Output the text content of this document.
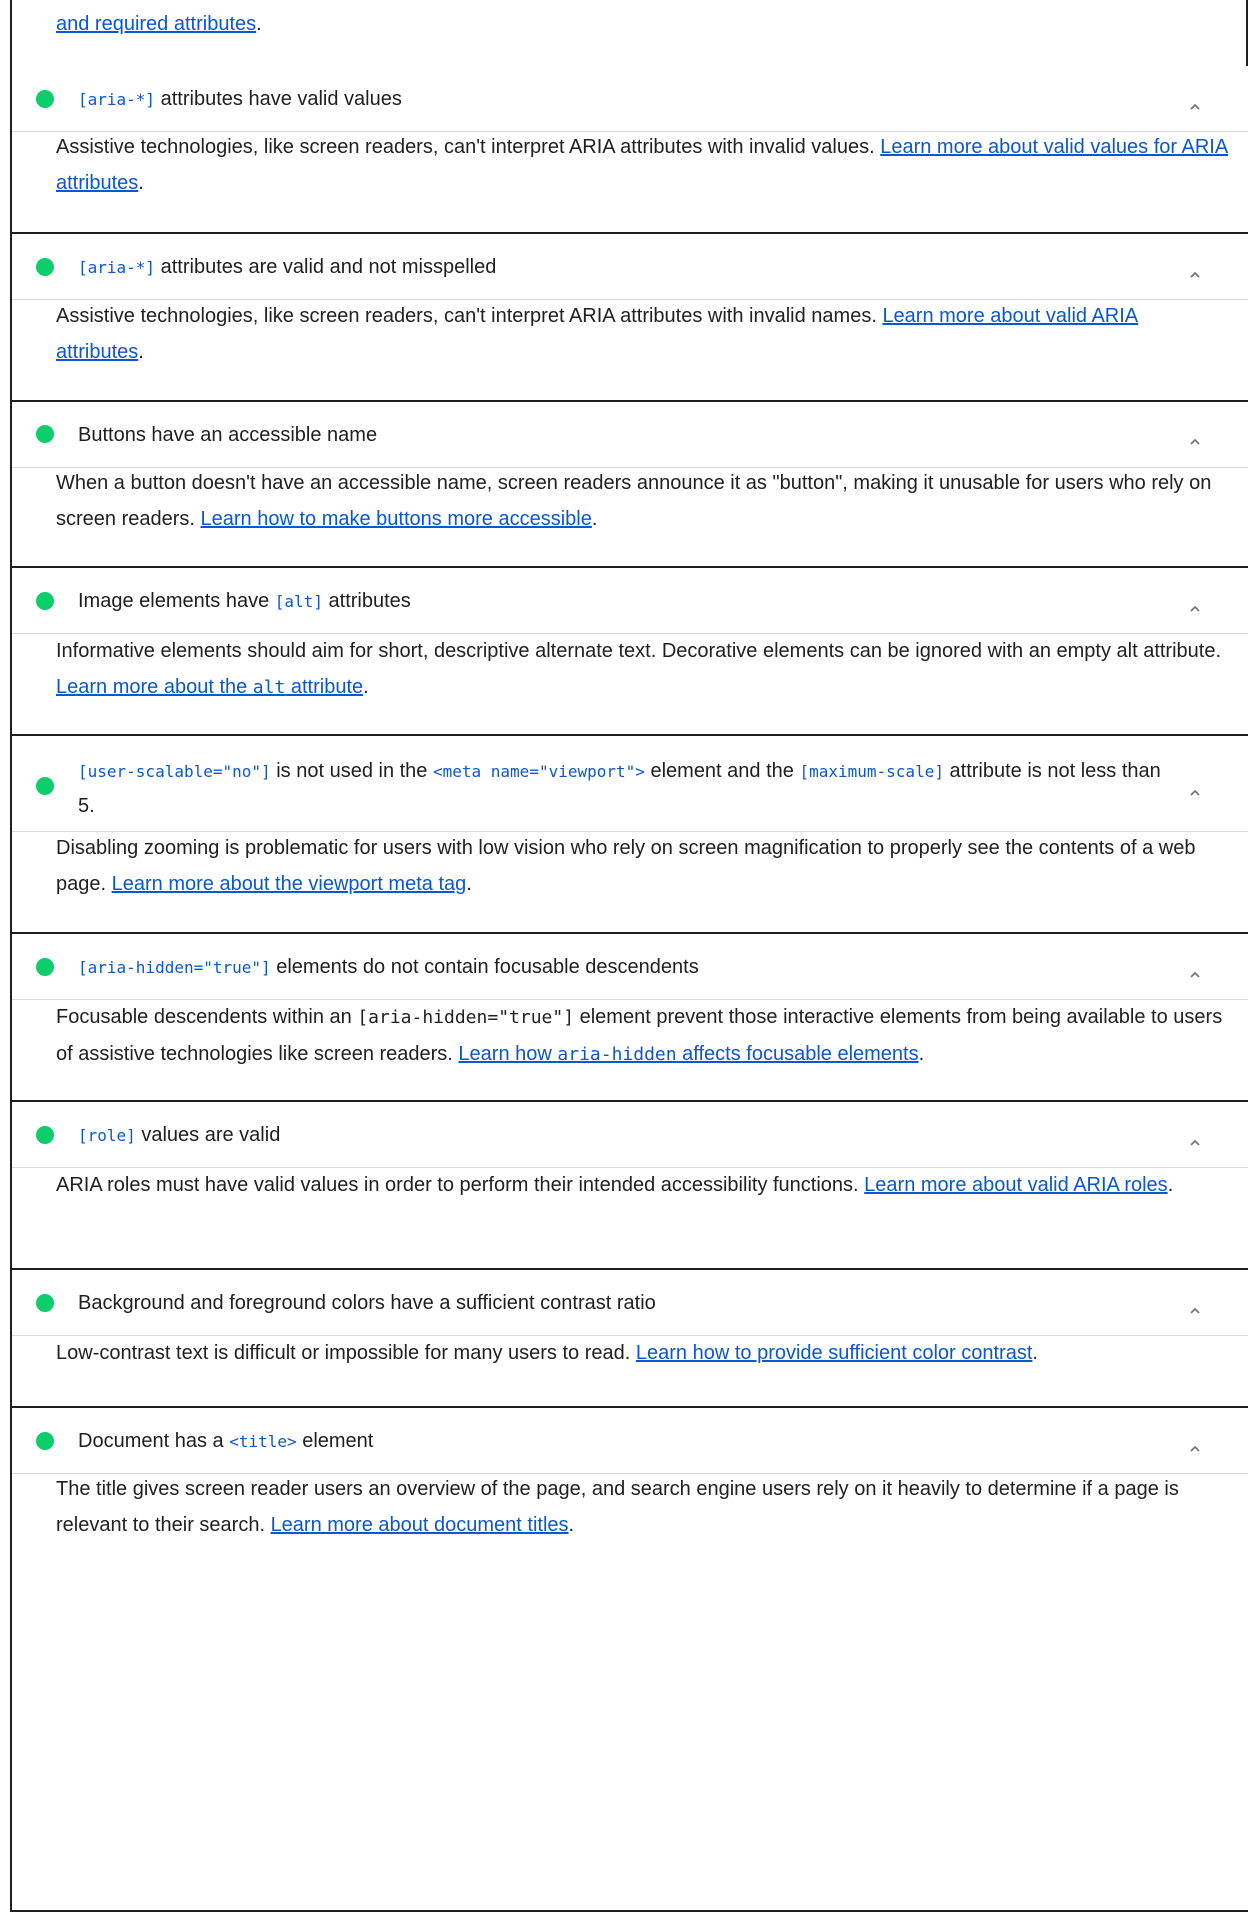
and required attributes.

[aria-*] attributes have valid values
Assistive technologies, like screen readers, can't interpret ARIA attributes with invalid values. Learn more about valid values for ARIA attributes.
[aria-*] attributes are valid and not misspelled
Assistive technologies, like screen readers, can't interpret ARIA attributes with invalid names. Learn more about valid ARIA attributes.
Buttons have an accessible name
When a button doesn't have an accessible name, screen readers announce it as "button", making it unusable for users who rely on screen readers. Learn how to make buttons more accessible.
Image elements have [alt] attributes
Informative elements should aim for short, descriptive alternate text. Decorative elements can be ignored with an empty alt attribute. Learn more about the alt attribute.
[user-scalable="no"] is not used in the <meta name="viewport"> element and the [maximum-scale] attribute is not less than 5.
Disabling zooming is problematic for users with low vision who rely on screen magnification to properly see the contents of a web page. Learn more about the viewport meta tag.
[aria-hidden="true"] elements do not contain focusable descendents
Focusable descendents within an [aria-hidden="true"] element prevent those interactive elements from being available to users of assistive technologies like screen readers. Learn how aria-hidden affects focusable elements.
[role] values are valid
ARIA roles must have valid values in order to perform their intended accessibility functions. Learn more about valid ARIA roles.
Background and foreground colors have a sufficient contrast ratio
Low-contrast text is difficult or impossible for many users to read. Learn how to provide sufficient color contrast.
Document has a <title> element
The title gives screen reader users an overview of the page, and search engine users rely on it heavily to determine if a page is relevant to their search. Learn more about document titles.
